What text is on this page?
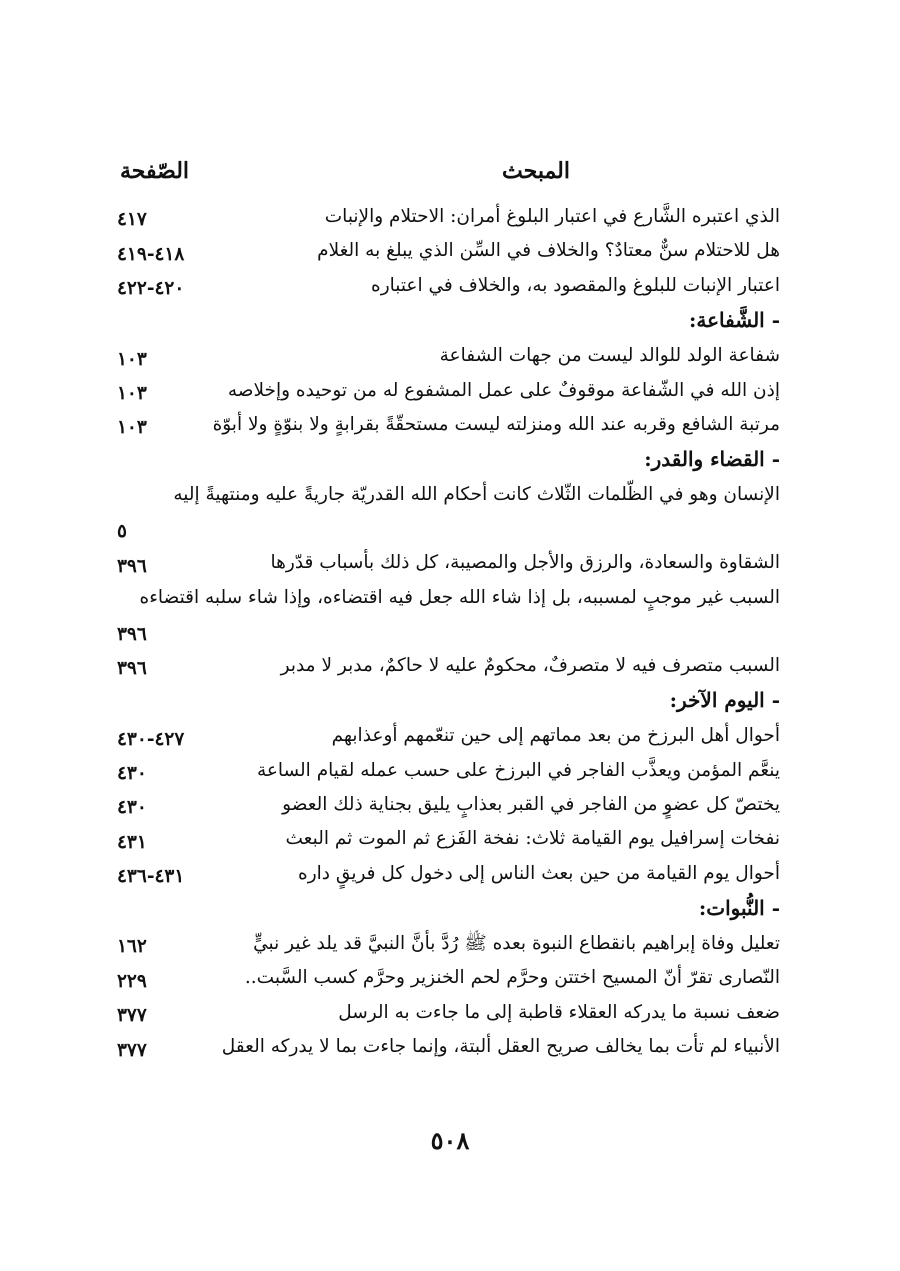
المبحث
الصّفحة
الذي اعتبره الشَّارع في اعتبار البلوغ أمران: الاحتلام والإنبات
٤١٧
هل للاحتلام سنٌّ معتادٌ؟ والخلاف في السِّن الذي يبلغ به الغلام
٤١٨-٤١٩
اعتبار الإنبات للبلوغ والمقصود به، والخلاف في اعتباره
٤٢٠-٤٢٢
- الشَّفاعة:
شفاعة الولد للوالد ليست من جهات الشفاعة
١٠٣
إذن الله في الشّفاعة موقوفٌ على عمل المشفوع له من توحيده وإخلاصه
١٠٣
مرتبة الشافع وقربه عند الله ومنزلته ليست مستحقّةً بقرابةٍ ولا بنوّةٍ ولا أبوّة
١٠٣
- القضاء والقدر:
الإنسان وهو في الظّلمات الثّلاث كانت أحكام الله القدريّة جاريةً عليه ومنتهيةً إليه
٥
الشقاوة والسعادة، والرزق والأجل والمصيبة، كل ذلك بأسباب قدّرها
٣٩٦
السبب غير موجبٍ لمسببه، بل إذا شاء الله جعل فيه اقتضاءه، وإذا شاء سلبه اقتضاءه
٣٩٦
السبب متصرف فيه لا متصرفٌ، محكومٌ عليه لا حاكمٌ، مدبر لا مدبر
٣٩٦
- اليوم الآخر:
أحوال أهل البرزخ من بعد مماتهم إلى حين تنعّمهم أوعذابهم
٤٢٧-٤٣٠
ينعَّم المؤمن ويعذَّب الفاجر في البرزخ على حسب عمله لقيام الساعة
٤٣٠
يختصّ كل عضوٍ من الفاجر في القبر بعذابٍ يليق بجناية ذلك العضو
٤٣٠
نفخات إسرافيل يوم القيامة ثلاث: نفخة الفَزع ثم الموت ثم البعث
٤٣١
أحوال يوم القيامة من حين بعث الناس إلى دخول كل فريقٍ داره
٤٣١-٤٣٦
- النُّبوات:
تعليل وفاة إبراهيم بانقطاع النبوة بعده ﷺ رُدَّ بأنَّ النبيَّ قد يلد غير نبيٍّ
١٦٢
النّصارى تقرّ أنّ المسيح اختتن وحرَّم لحم الخنزير وحرَّم كسب السَّبت..
٢٢٩
ضعف نسبة ما يدركه العقلاء قاطبة إلى ما جاءت به الرسل
٣٧٧
الأنبياء لم تأت بما يخالف صريح العقل ألبتة، وإنما جاءت بما لا يدركه العقل
٣٧٧
٥٠٨
